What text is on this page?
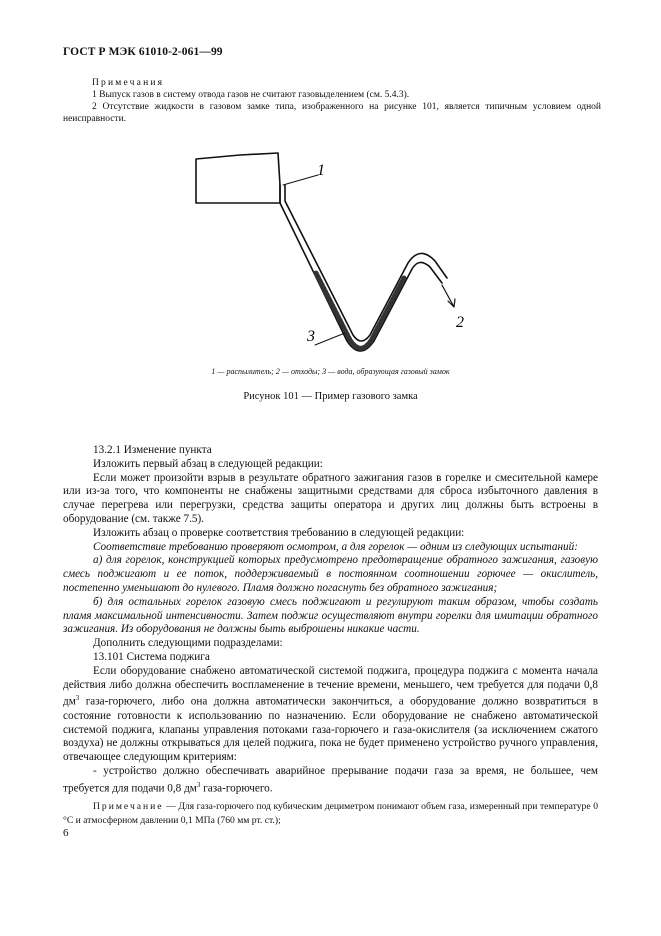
ГОСТ Р МЭК 61010-2-061—99
Примечания
1 Выпуск газов в систему отвода газов не считают газовыделением (см. 5.4.3).
2 Отсутствие жидкости в газовом замке типа, изображенного на рисунке 101, является типичным условием одной неисправности.
1
3
2
1 — распылитель; 2 — отходы; 3 — вода, образующая газовый замок
Рисунок 101 — Пример газового замка

13.2.1 Изменение пункта

Изложить первый абзац в следующей редакции:

Если может произойти взрыв в результате обратного зажигания газов в горелке и смесительной камере или из-за того, что компоненты не снабжены защитными средствами для сброса избыточного давления в случае перегрева или перегрузки, средства защиты оператора и других лиц должны быть встроены в оборудование (см. также 7.5).

Изложить абзац о проверке соответствия требованию в следующей редакции:

Соответствие требованию проверяют осмотром, а для горелок — одним из следующих испытаний:

а) для горелок, конструкцией которых предусмотрено предотвращение обратного зажигания, газовую смесь поджигают и ее поток, поддерживаемый в постоянном соотношении горючее — окислитель, постепенно уменьшают до нулевого. Пламя должно погаснуть без обратного зажигания;

б) для остальных горелок газовую смесь поджигают и регулируют таким образом, чтобы создать пламя максимальной интенсивности. Затем поджиг осуществляют внутри горелки для имитации обратного зажигания. Из оборудования не должны быть выброшены никакие части.

Дополнить следующими подразделами:

13.101 Система поджига

Если оборудование снабжено автоматической системой поджига, процедура поджига с момента начала действия либо должна обеспечить воспламенение в течение времени, меньшего, чем требуется для подачи 0,8 $дм^3$ газа-горючего, либо она должна автоматически закончиться, а оборудование должно возвратиться в состояние готовности к использованию по назначению. Если оборудование не снабжено автоматической системой поджига, клапаны управления потоками газа-горючего и газа-окислителя (за исключением сжатого воздуха) не должны открываться для целей поджига, пока не будет применено устройство ручного управления, отвечающее следующим критериям:

- устройство должно обеспечивать аварийное прерывание подачи газа за время, не большее, чем требуется для подачи 0,8 $дм^3$ газа-горючего.

Примечание — Для газа-горючего под кубическим дециметром понимают объем газа, измеренный при температуре 0 °С и атмосферном давлении 0,1 МПа (760 мм рт. ст.);

6
